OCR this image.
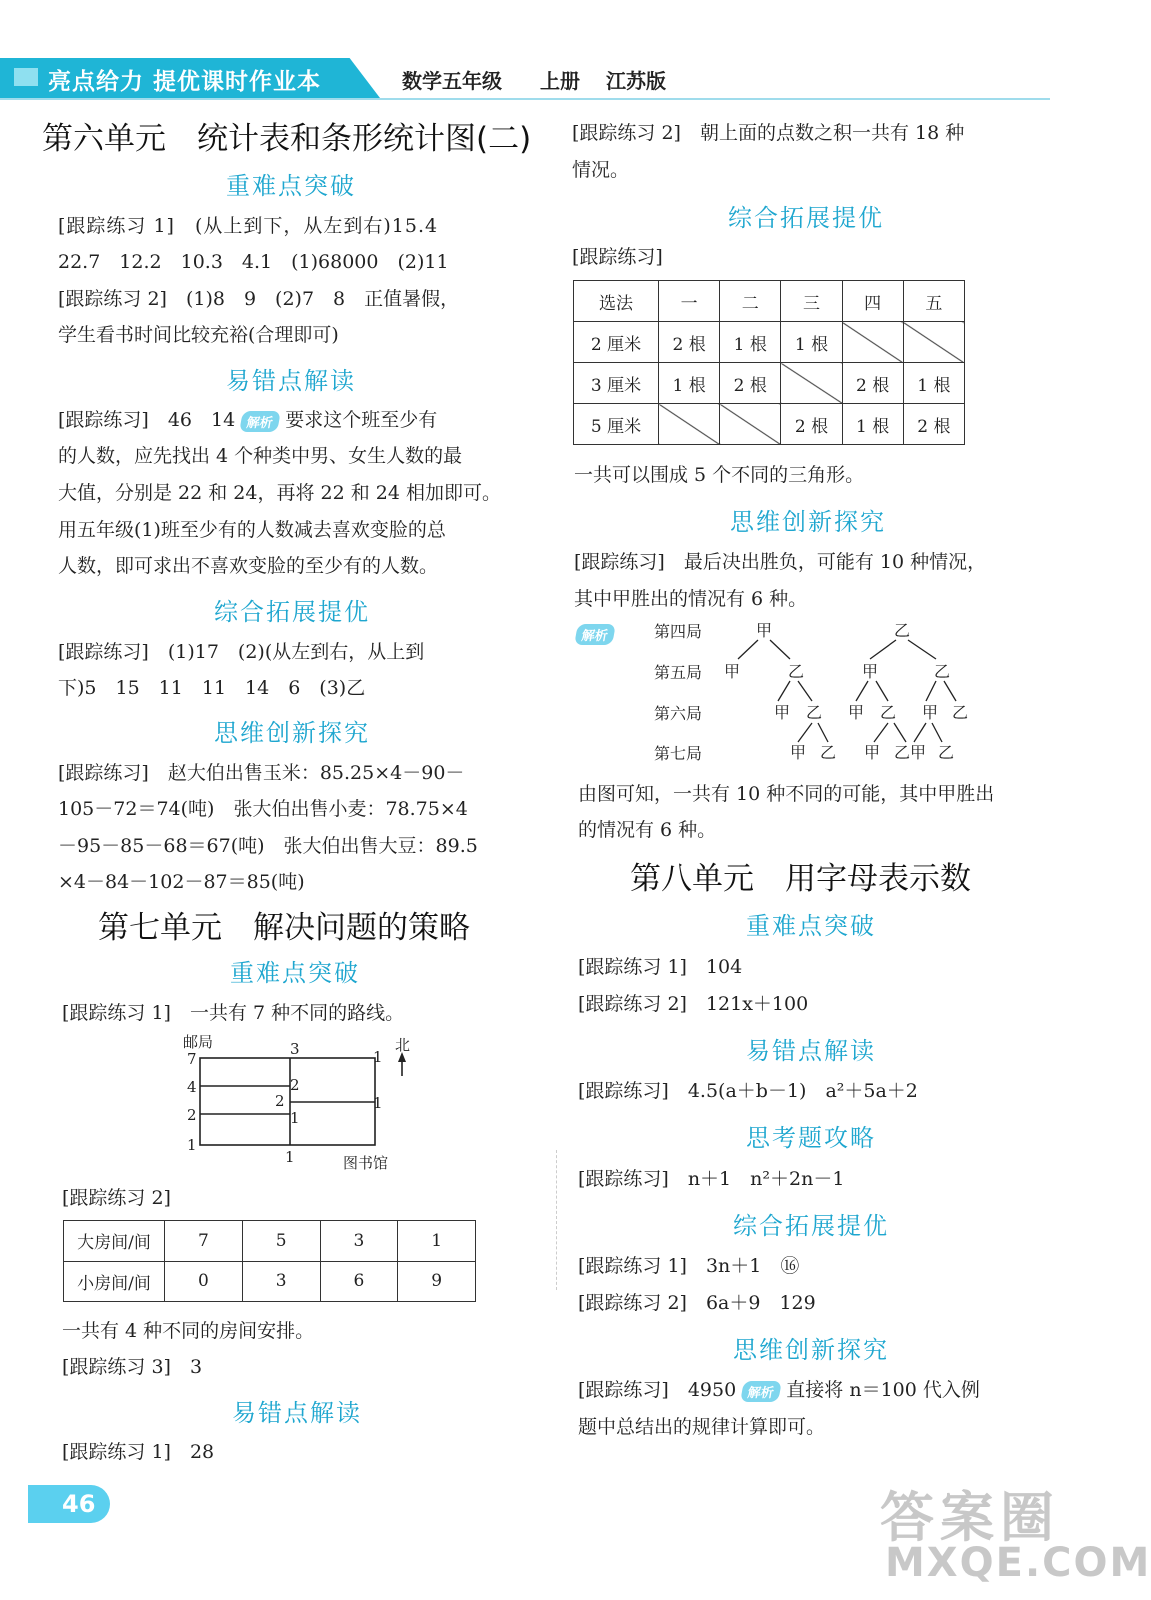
亮点给力 提优课时作业本	数学五年级 上册 江苏版
第六单元　统计表和条形统计图(二)
重难点突破
[跟踪练习 1]　(从上到下，从左到右)15.4
22.7　12.2　10.3　4.1　(1)68000　(2)11
[跟踪练习 2]　(1)8　9　(2)7　8　正值暑假，
学生看书时间比较充裕(合理即可)
易错点解读
[跟踪练习]　46　14 解析 要求这个班至少有
的人数，应先找出 4 个种类中男、女生人数的最
大值，分别是 22 和 24，再将 22 和 24 相加即可。
用五年级(1)班至少有的人数减去喜欢变脸的总
人数，即可求出不喜欢变脸的至少有的人数。
综合拓展提优
[跟踪练习]　(1)17　(2)(从左到右，从上到
下)5　15　11　11　14　6　(3)乙
思维创新探究
[跟踪练习]　赵大伯出售玉米：85.25×4－90－
105－72＝74(吨)　张大伯出售小麦：78.75×4
－95－85－68＝67(吨)　张大伯出售大豆：89.5
×4－84－102－87＝85(吨)
第七单元　解决问题的策略
重难点突破
[跟踪练习 1]　一共有 7 种不同的路线。
邮局
图书馆
北
7
4
2
1
3
2
2
1
1
1
1
[跟踪练习 2]
大房间/间	7	5	3	1
小房间/间	0	3	6	9
一共有 4 种不同的房间安排。
[跟踪练习 3]　3
易错点解读
[跟踪练习 1]　28
[跟踪练习 2]　朝上面的点数之积一共有 18 种
情况。
综合拓展提优
[跟踪练习]
选法	一	二	三	四	五
2 厘米	2 根	1 根	1 根		
3 厘米	1 根	2 根		2 根	1 根
5 厘米			2 根	1 根	2 根
一共可以围成 5 个不同的三角形。
思维创新探究
[跟踪练习]　最后决出胜负，可能有 10 种情况，
其中甲胜出的情况有 6 种。
解析	第四局
第五局
第六局
第七局
甲
甲	乙
甲 乙
甲 乙
乙
甲	乙
甲 乙 甲 乙
甲 乙 甲 乙
由图可知，一共有 10 种不同的可能，其中甲胜出
的情况有 6 种。
第八单元　用字母表示数
重难点突破
[跟踪练习 1]　104
[跟踪练习 2]　121x＋100
易错点解读
[跟踪练习]　4.5(a＋b－1)　a²＋5a＋2
思考题攻略
[跟踪练习]　n＋1　n²＋2n－1
综合拓展提优
[跟踪练习 1]　3n＋1　⑯
[跟踪练习 2]　6a＋9　129
思维创新探究
[跟踪练习]　4950 解析 直接将 n＝100 代入例
题中总结出的规律计算即可。
46	答案圈
MXQE.COM
